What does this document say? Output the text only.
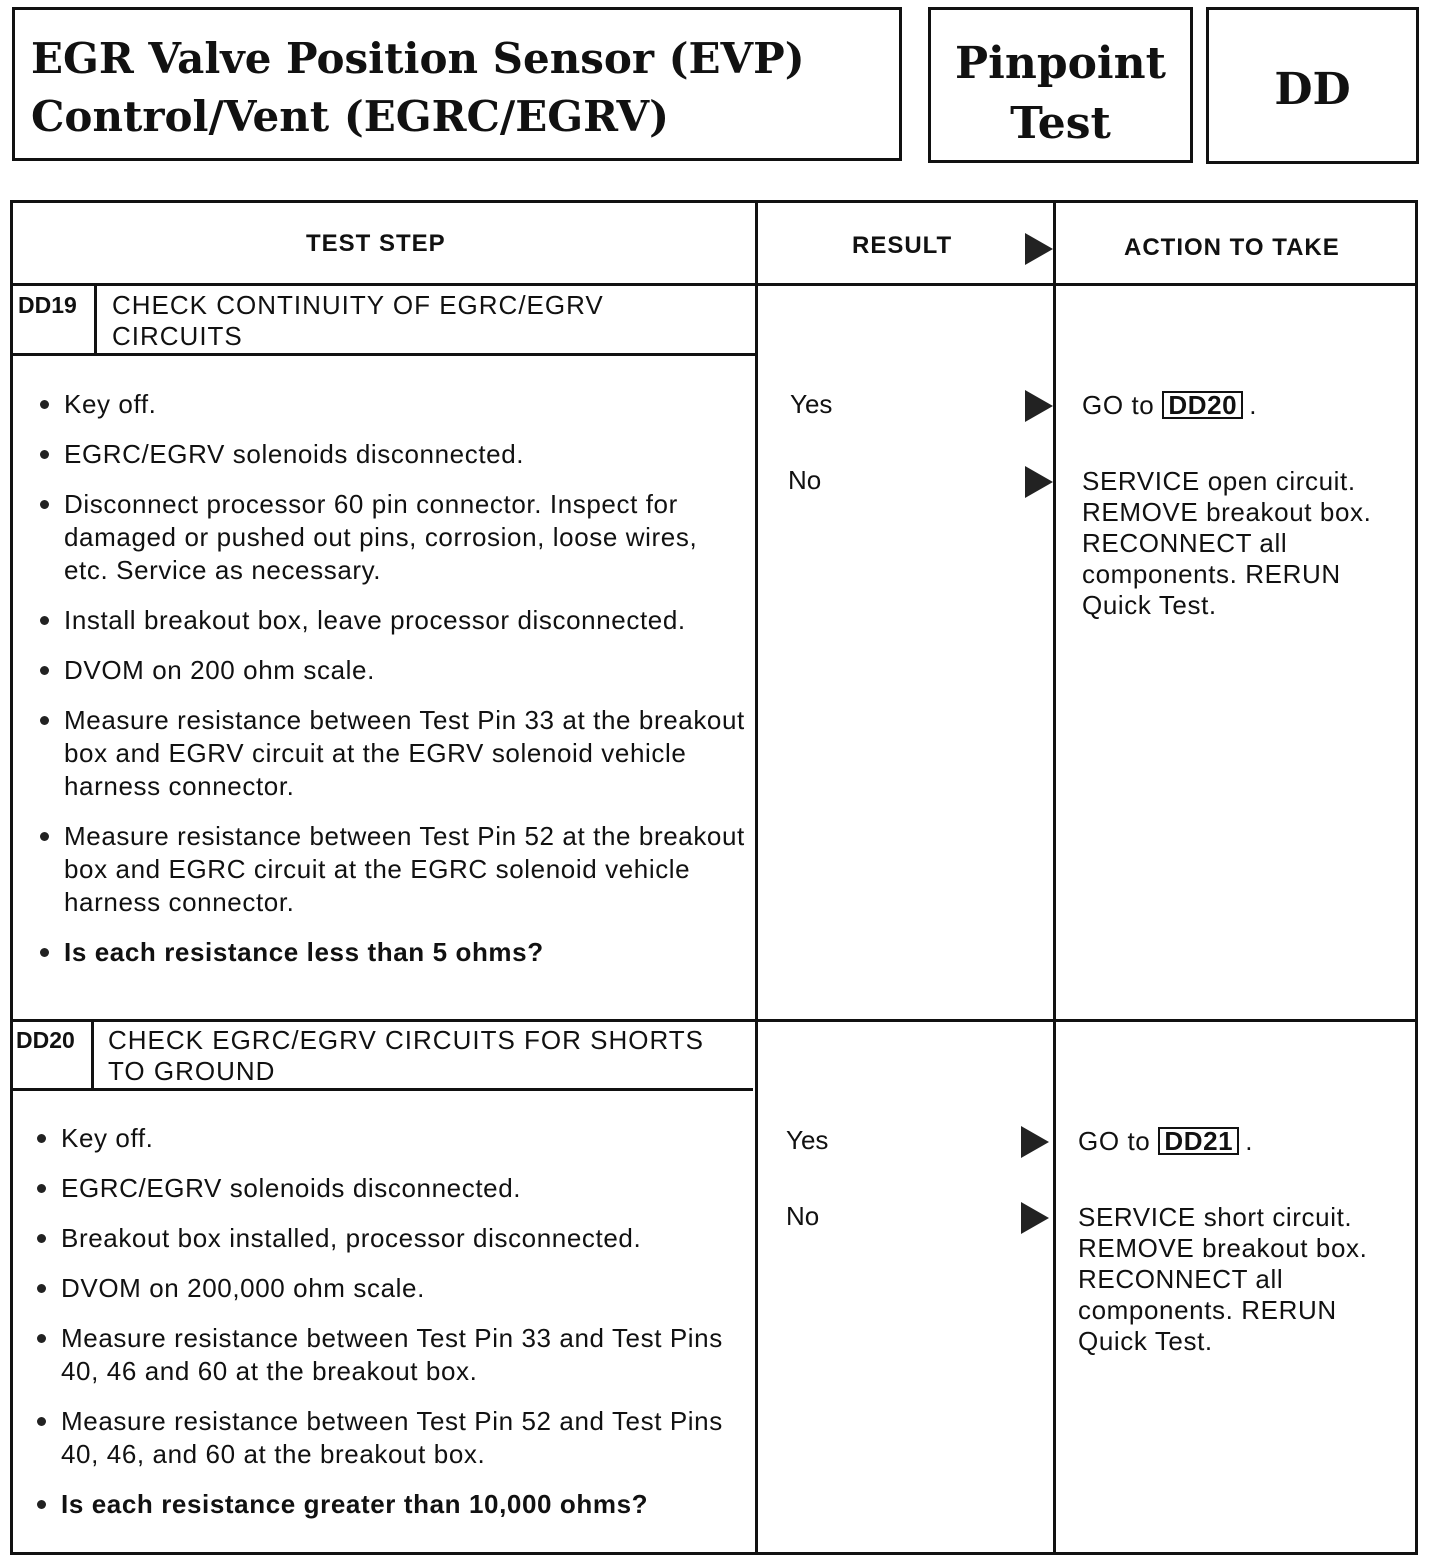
EGR Valve Position Sensor (EVP)
Control/Vent (EGRC/EGRV)
Pinpoint
Test
DD
TEST STEP	RESULT	ACTION TO TAKE
DD19 CHECK CONTINUITY OF EGRC/EGRV CIRCUITS
Key off.
EGRC/EGRV solenoids disconnected.
Disconnect processor 60 pin connector. Inspect for damaged or pushed out pins, corrosion, loose wires, etc. Service as necessary.
Install breakout box, leave processor disconnected.
DVOM on 200 ohm scale.
Measure resistance between Test Pin 33 at the breakout box and EGRV circuit at the EGRV solenoid vehicle harness connector.
Measure resistance between Test Pin 52 at the breakout box and EGRC circuit at the EGRC solenoid vehicle harness connector.
Is each resistance less than 5 ohms?
Yes	GO to DD20 .
No	SERVICE open circuit. REMOVE breakout box. RECONNECT all components. RERUN Quick Test.
DD20 CHECK EGRC/EGRV CIRCUITS FOR SHORTS TO GROUND
Key off.
EGRC/EGRV solenoids disconnected.
Breakout box installed, processor disconnected.
DVOM on 200,000 ohm scale.
Measure resistance between Test Pin 33 and Test Pins 40, 46 and 60 at the breakout box.
Measure resistance between Test Pin 52 and Test Pins 40, 46, and 60 at the breakout box.
Is each resistance greater than 10,000 ohms?
Yes	GO to DD21 .
No	SERVICE short circuit. REMOVE breakout box. RECONNECT all components. RERUN Quick Test.
